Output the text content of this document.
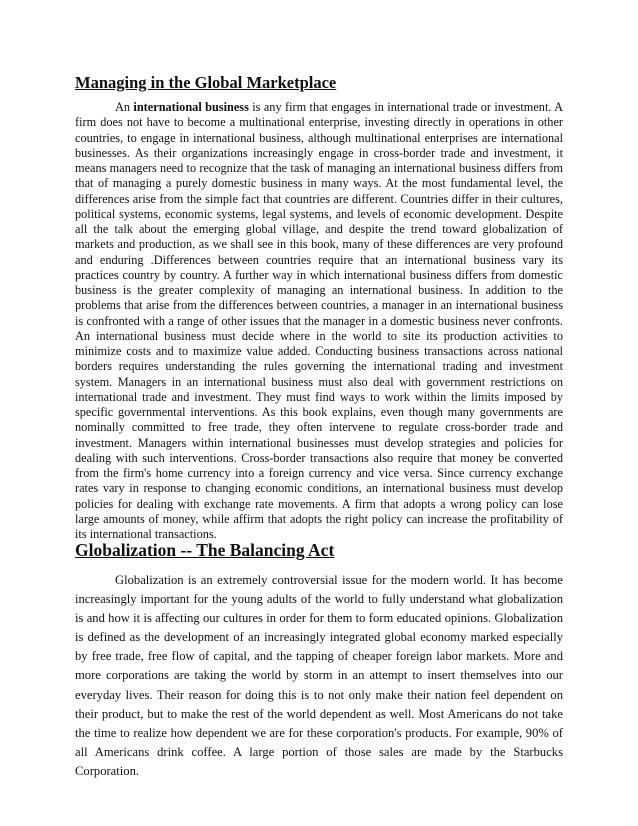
Managing in the Global Marketplace

An international business is any firm that engages in international trade or investment. A firm does not have to become a multinational enterprise, investing directly in operations in other countries, to engage in international business, although multinational enterprises are international businesses. As their organizations increasingly engage in cross-border trade and investment, it means managers need to recognize that the task of managing an international business differs from that of managing a purely domestic business in many ways. At the most fundamental level, the differences arise from the simple fact that countries are different. Countries differ in their cultures, political systems, economic systems, legal systems, and levels of economic development. Despite all the talk about the emerging global village, and despite the trend toward globalization of markets and production, as we shall see in this book, many of these differences are very profound and enduring .Differences between countries require that an international business vary its practices country by country. A further way in which international business differs from domestic business is the greater complexity of managing an international business. In addition to the problems that arise from the differences between countries, a manager in an international business is confronted with a range of other issues that the manager in a domestic business never confronts. An international business must decide where in the world to site its production activities to minimize costs and to maximize value added. Conducting business transactions across national borders requires understanding the rules governing the international trading and investment system. Managers in an international business must also deal with government restrictions on international trade and investment. They must find ways to work within the limits imposed by specific governmental interventions. As this book explains, even though many governments are nominally committed to free trade, they often intervene to regulate cross-border trade and investment. Managers within international businesses must develop strategies and policies for dealing with such interventions. Cross-border transactions also require that money be converted from the firm's home currency into a foreign currency and vice versa. Since currency exchange rates vary in response to changing economic conditions, an international business must develop policies for dealing with exchange rate movements. A firm that adopts a wrong policy can lose large amounts of money, while affirm that adopts the right policy can increase the profitability of its international transactions.

Globalization -- The Balancing Act

Globalization is an extremely controversial issue for the modern world. It has become increasingly important for the young adults of the world to fully understand what globalization is and how it is affecting our cultures in order for them to form educated opinions. Globalization is defined as the development of an increasingly integrated global economy marked especially by free trade, free flow of capital, and the tapping of cheaper foreign labor markets. More and more corporations are taking the world by storm in an attempt to insert themselves into our everyday lives. Their reason for doing this is to not only make their nation feel dependent on their product, but to make the rest of the world dependent as well. Most Americans do not take the time to realize how dependent we are for these corporation's products. For example, 90% of all Americans drink coffee. A large portion of those sales are made by the Starbucks Corporation.
